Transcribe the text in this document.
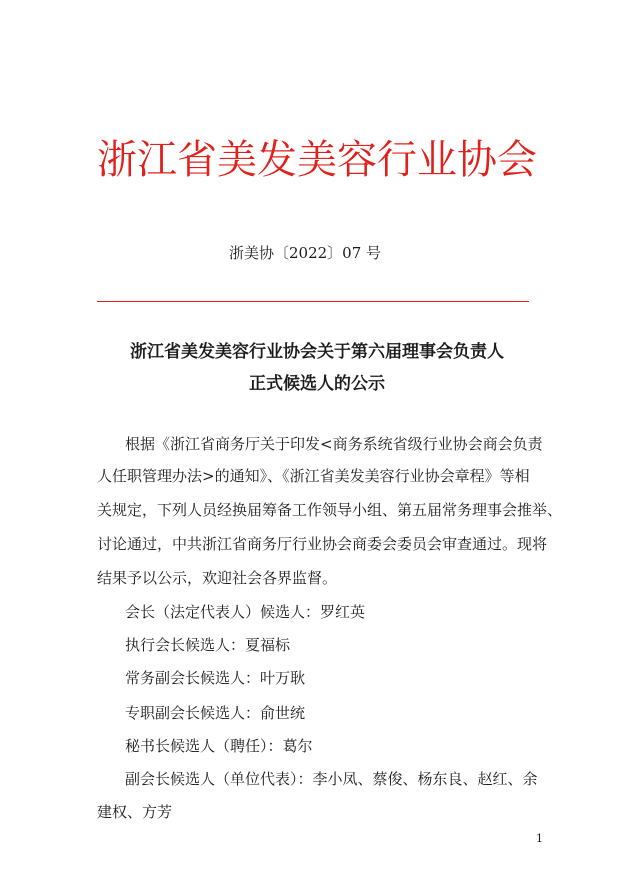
浙江省美发美容行业协会
浙美协〔2022〕07 号
浙江省美发美容行业协会关于第六届理事会负责人
正式候选人的公示
根据《浙江省商务厅关于印发<商务系统省级行业协会商会负责
人任职管理办法>的通知》、《浙江省美发美容行业协会章程》等相
关规定，下列人员经换届筹备工作领导小组、第五届常务理事会推举、
讨论通过，中共浙江省商务厅行业协会商委会委员会审查通过。现将
结果予以公示，欢迎社会各界监督。
会长（法定代表人）候选人：罗红英
执行会长候选人：夏福标
常务副会长候选人：叶万耿
专职副会长候选人：俞世统
秘书长候选人（聘任）：葛尔
副会长候选人（单位代表）：李小凤、蔡俊、杨东良、赵红、余
建权、方芳
1
